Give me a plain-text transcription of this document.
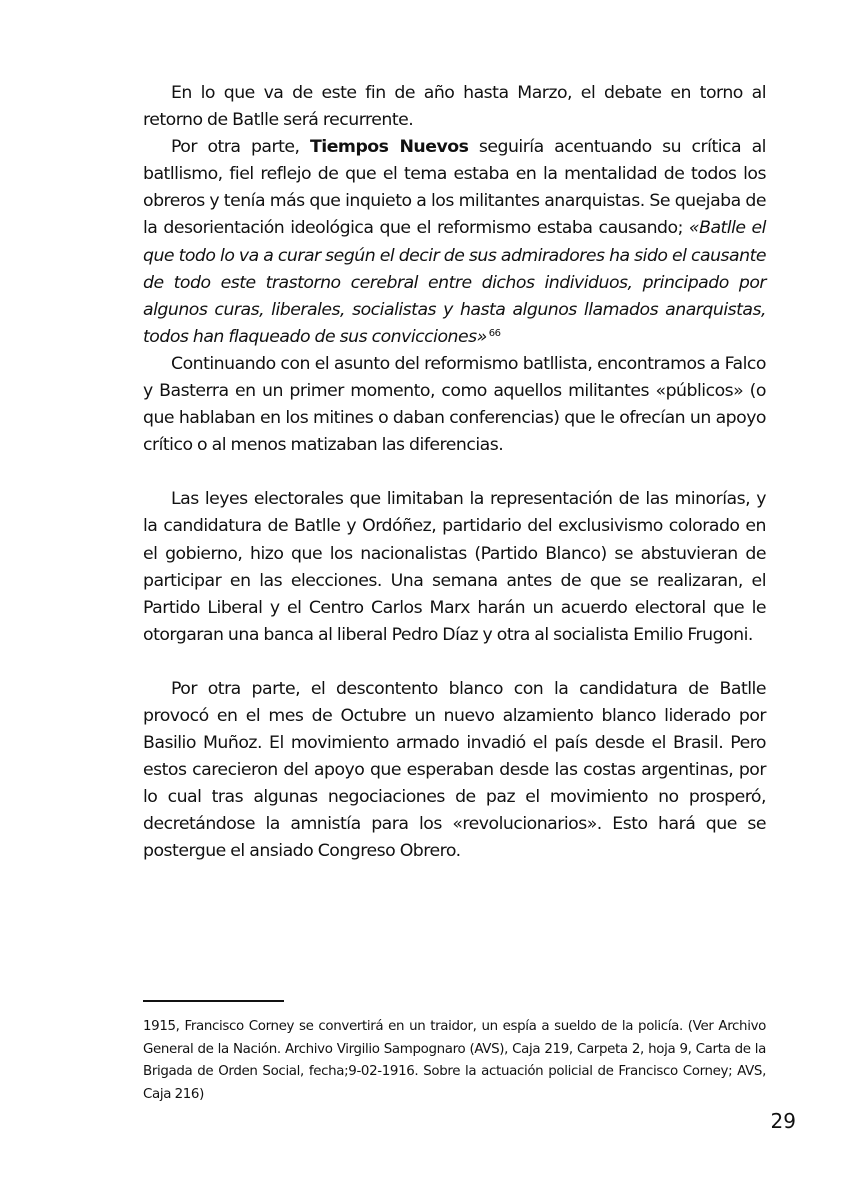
En lo que va de este fin de año hasta Marzo, el debate en torno al retorno de Batlle será recurrente.

Por otra parte, Tiempos Nuevos seguiría acentuando su crítica al batllismo, fiel reflejo de que el tema estaba en la mentalidad de todos los obreros y tenía más que inquieto a los militantes anarquistas. Se quejaba de la desorientación ideológica que el reformismo estaba causando; «Batlle el que todo lo va a curar según el decir de sus admiradores ha sido el causante de todo este trastorno cerebral entre dichos individuos, principado por algunos curas, liberales, socialistas y hasta algunos llamados anarquistas, todos han flaqueado de sus convicciones» $^{66}$

Continuando con el asunto del reformismo batllista, encontramos a Falco y Basterra en un primer momento, como aquellos militantes «públicos» (o que hablaban en los mitines o daban conferencias) que le ofrecían un apoyo crítico o al menos matizaban las diferencias.

Las leyes electorales que limitaban la representación de las minorías, y la candidatura de Batlle y Ordóñez, partidario del exclusivismo colorado en el gobierno, hizo que los nacionalistas (Partido Blanco) se abstuvieran de participar en las elecciones. Una semana antes de que se realizaran, el Partido Liberal y el Centro Carlos Marx harán un acuerdo electoral que le otorgaran una banca al liberal Pedro Díaz y otra al socialista Emilio Frugoni.

Por otra parte, el descontento blanco con la candidatura de Batlle provocó en el mes de Octubre un nuevo alzamiento blanco liderado por Basilio Muñoz. El movimiento armado invadió el país desde el Brasil. Pero estos carecieron del apoyo que esperaban desde las costas argentinas, por lo cual tras algunas negociaciones de paz el movimiento no prosperó, decretándose la amnistía para los «revolucionarios». Esto hará que se postergue el ansiado Congreso Obrero.

1915, Francisco Corney se convertirá en un traidor, un espía a sueldo de la policía. (Ver Archivo General de la Nación. Archivo Virgilio Sampognaro (AVS), Caja 219, Carpeta 2, hoja 9, Carta de la Brigada de Orden Social, fecha;9-02-1916. Sobre la actuación policial de Francisco Corney; AVS, Caja 216)

29
